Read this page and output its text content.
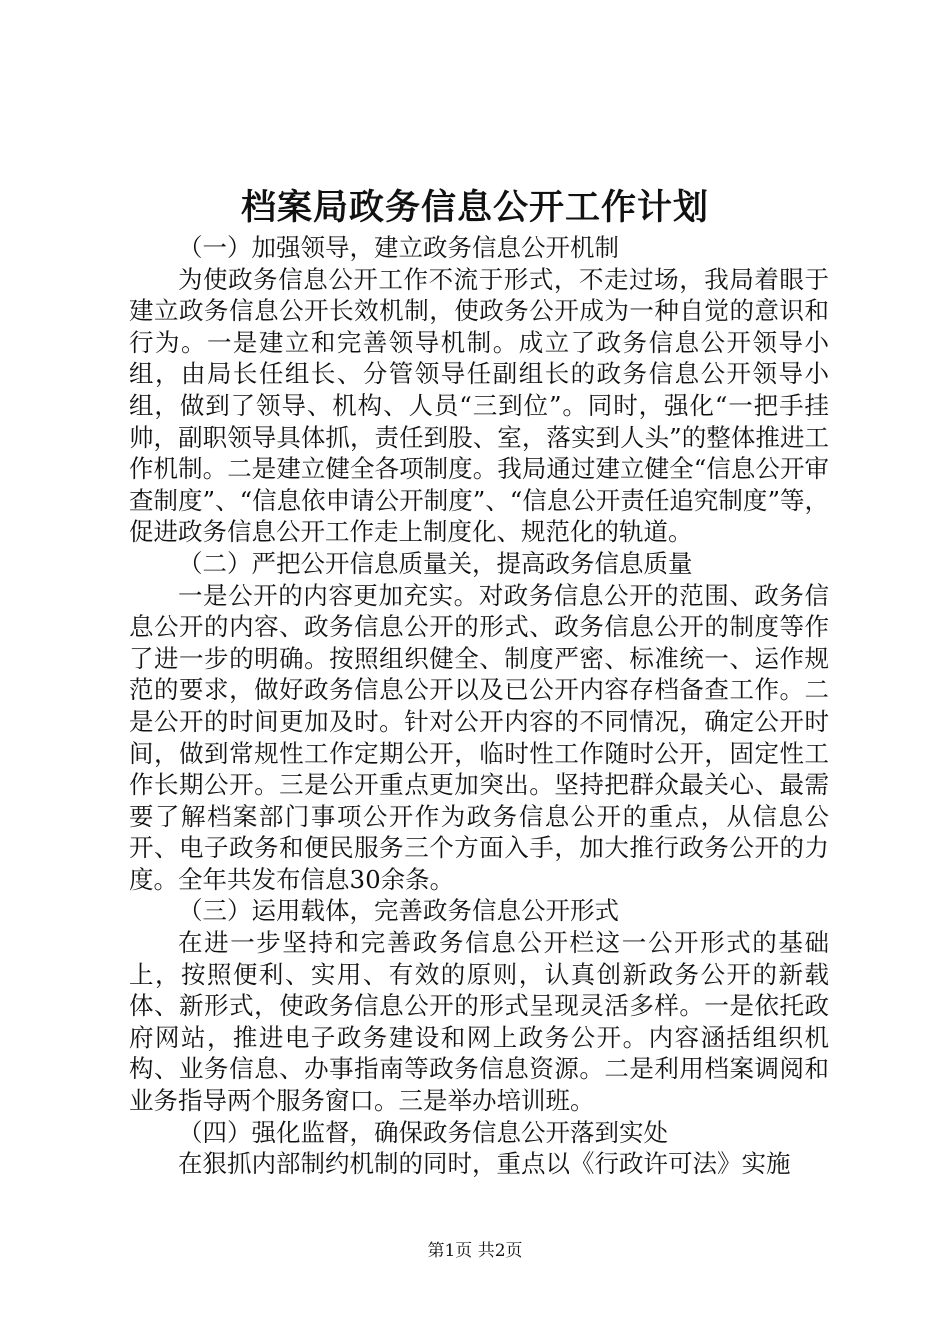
档案局政务信息公开工作计划

（一）加强领导，建立政务信息公开机制

为使政务信息公开工作不流于形式，不走过场，我局着眼于建立政务信息公开长效机制，使政务公开成为一种自觉的意识和行为。一是建立和完善领导机制。成立了政务信息公开领导小组，由局长任组长、分管领导任副组长的政务信息公开领导小组，做到了领导、机构、人员“三到位”。同时，强化“一把手挂帅，副职领导具体抓，责任到股、室，落实到人头”的整体推进工作机制。二是建立健全各项制度。我局通过建立健全“信息公开审查制度”、“信息依申请公开制度”、“信息公开责任追究制度”等，促进政务信息公开工作走上制度化、规范化的轨道。

（二）严把公开信息质量关，提高政务信息质量

一是公开的内容更加充实。对政务信息公开的范围、政务信息公开的内容、政务信息公开的形式、政务信息公开的制度等作了进一步的明确。按照组织健全、制度严密、标准统一、运作规范的要求，做好政务信息公开以及已公开内容存档备查工作。二是公开的时间更加及时。针对公开内容的不同情况，确定公开时间，做到常规性工作定期公开，临时性工作随时公开，固定性工作长期公开。三是公开重点更加突出。坚持把群众最关心、最需要了解档案部门事项公开作为政务信息公开的重点，从信息公开、电子政务和便民服务三个方面入手，加大推行政务公开的力度。全年共发布信息30余条。

（三）运用载体，完善政务信息公开形式

在进一步坚持和完善政务信息公开栏这一公开形式的基础上，按照便利、实用、有效的原则，认真创新政务公开的新载体、新形式，使政务信息公开的形式呈现灵活多样。一是依托政府网站，推进电子政务建设和网上政务公开。内容涵括组织机构、业务信息、办事指南等政务信息资源。二是利用档案调阅和业务指导两个服务窗口。三是举办培训班。

（四）强化监督，确保政务信息公开落到实处

在狠抓内部制约机制的同时，重点以《行政许可法》实施

第1页 共2页
